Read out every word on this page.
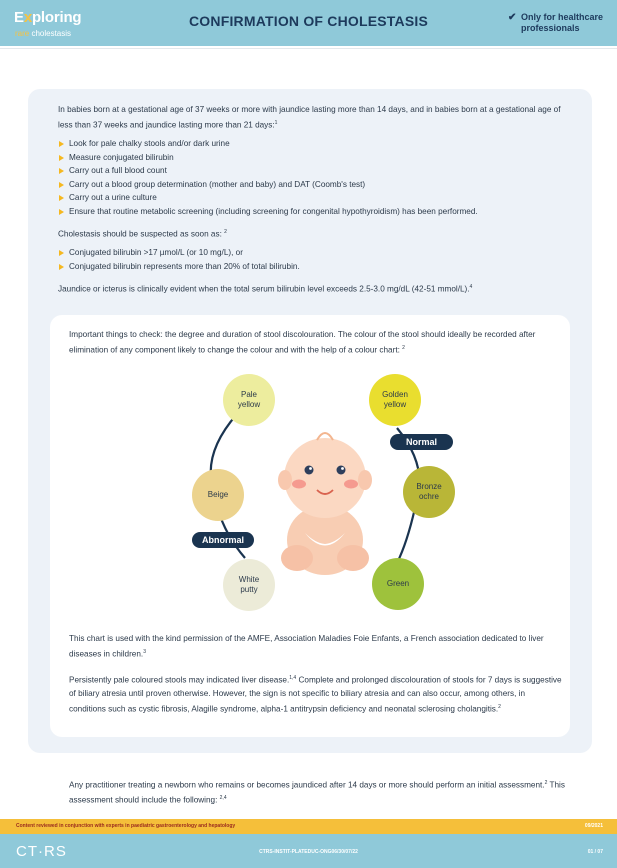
Exploring
rare cholestasis
CONFIRMATION OF CHOLESTASIS	✔ Only for healthcare professionals
In babies born at a gestational age of 37 weeks or more with jaundice lasting more than 14 days, and in babies born at a gestational age of less than 37 weeks and jaundice lasting more than 21 days:$^1$
Look for pale chalky stools and/or dark urine
Measure conjugated bilirubin
Carry out a full blood count
Carry out a blood group determination (mother and baby) and DAT (Coomb's test)
Carry out a urine culture
Ensure that routine metabolic screening (including screening for congenital hypothyroidism) has been performed.
Cholestasis should be suspected as soon as: $^2$
Conjugated bilirubin >17 µmol/L (or 10 mg/L), or
Conjugated bilirubin represents more than 20% of total bilirubin.
Jaundice or icterus is clinically evident when the total serum bilirubin level exceeds 2.5-3.0 mg/dL (42-51 mmol/L).$^4$
Important things to check: the degree and duration of stool discolouration. The colour of the stool should ideally be recorded after elimination of any component likely to change the colour and with the help of a colour chart: $^2$
Pale
yellow
Beige
Abnormal
White
putty
Golden
yellow
Normal
Bronze
ochre
Green
This chart is used with the kind permission of the AMFE, Association Maladies Foie Enfants, a French association dedicated to liver diseases in children.$^3$
Persistently pale coloured stools may indicated liver disease.$^{1,4}$ Complete and prolonged discolouration of stools for 7 days is suggestive of biliary atresia until proven otherwise. However, the sign is not specific to biliary atresia and can also occur, among others, in conditions such as cystic fibrosis, Alagille syndrome, alpha-1 antitrypsin deficiency and neonatal sclerosing cholangitis.$^2$
Any practitioner treating a newborn who remains or becomes jaundiced after 14 days or more should perform an initial assessment.$^2$ This assessment should include the following: $^{2,4}$
Content reviewed in conjunction with experts in paediatric gastroenterology and hepatology	09/2021
CT·RS	CTRS-INSTIT-PLATEDUC-ONG06/30/07/22	01 / 07
